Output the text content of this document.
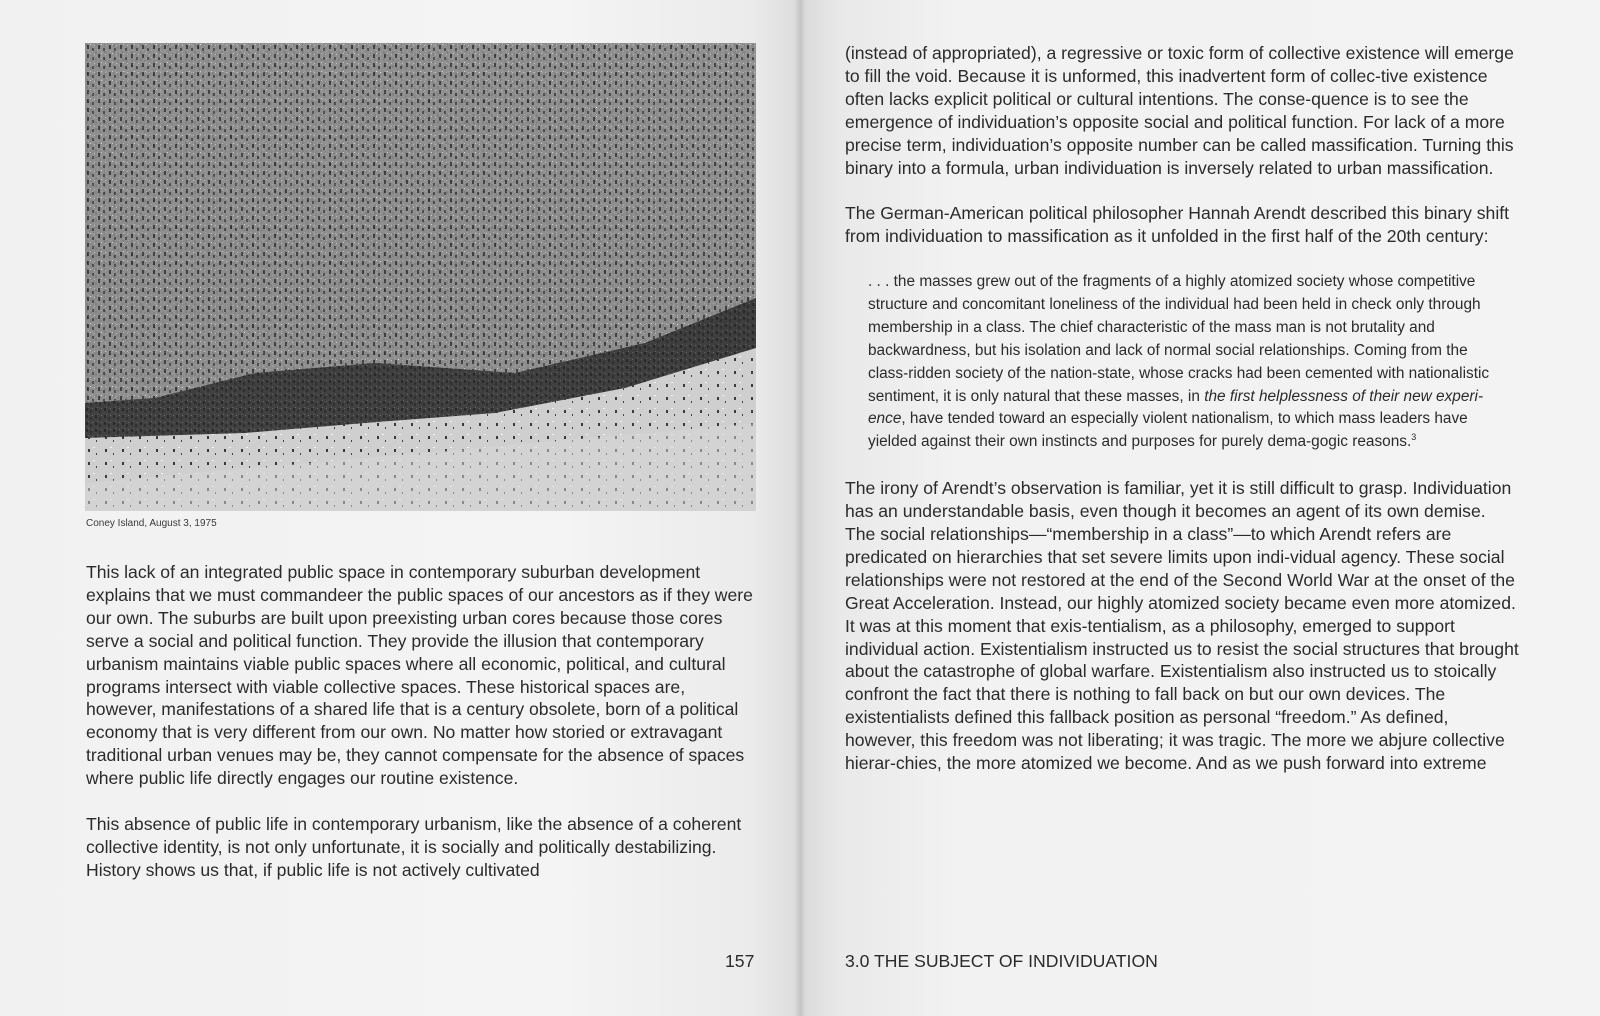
Coney Island, August 3, 1975

This lack of an integrated public space in contemporary suburban development explains that we must commandeer the public spaces of our ancestors as if they were our own. The suburbs are built upon preexisting urban cores because those cores serve a social and political function. They provide the illusion that contemporary urbanism maintains viable public spaces where all economic, political, and cultural programs intersect with viable collective spaces. These historical spaces are, however, manifestations of a shared life that is a century obsolete, born of a political economy that is very different from our own. No matter how storied or extravagant traditional urban venues may be, they cannot compensate for the absence of spaces where public life directly engages our routine existence.

This absence of public life in contemporary urbanism, like the absence of a coherent collective identity, is not only unfortunate, it is socially and politically destabilizing. History shows us that, if public life is not actively cultivated

157

(instead of appropriated), a regressive or toxic form of collective existence will emerge to fill the void. Because it is unformed, this inadvertent form of collec-tive existence often lacks explicit political or cultural intentions. The conse-quence is to see the emergence of individuation’s opposite social and political function. For lack of a more precise term, individuation’s opposite number can be called massification. Turning this binary into a formula, urban individuation is inversely related to urban massification.

The German-American political philosopher Hannah Arendt described this binary shift from individuation to massification as it unfolded in the first half of the 20th century:

. . . the masses grew out of the fragments of a highly atomized society whose competitive structure and concomitant loneliness of the individual had been held in check only through membership in a class. The chief characteristic of the mass man is not brutality and backwardness, but his isolation and lack of normal social relationships. Coming from the class-ridden society of the nation-state, whose cracks had been cemented with nationalistic sentiment, it is only natural that these masses, in the first helplessness of their new experi-ence, have tended toward an especially violent nationalism, to which mass leaders have yielded against their own instincts and purposes for purely dema-gogic reasons.$^3$

The irony of Arendt’s observation is familiar, yet it is still difficult to grasp. Individuation has an understandable basis, even though it becomes an agent of its own demise. The social relationships—“membership in a class”—to which Arendt refers are predicated on hierarchies that set severe limits upon indi-vidual agency. These social relationships were not restored at the end of the Second World War at the onset of the Great Acceleration. Instead, our highly atomized society became even more atomized. It was at this moment that exis-tentialism, as a philosophy, emerged to support individual action. Existentialism instructed us to resist the social structures that brought about the catastrophe of global warfare. Existentialism also instructed us to stoically confront the fact that there is nothing to fall back on but our own devices. The existentialists defined this fallback position as personal “freedom.” As defined, however, this freedom was not liberating; it was tragic. The more we abjure collective hierar-chies, the more atomized we become. And as we push forward into extreme

3.0 THE SUBJECT OF INDIVIDUATION
